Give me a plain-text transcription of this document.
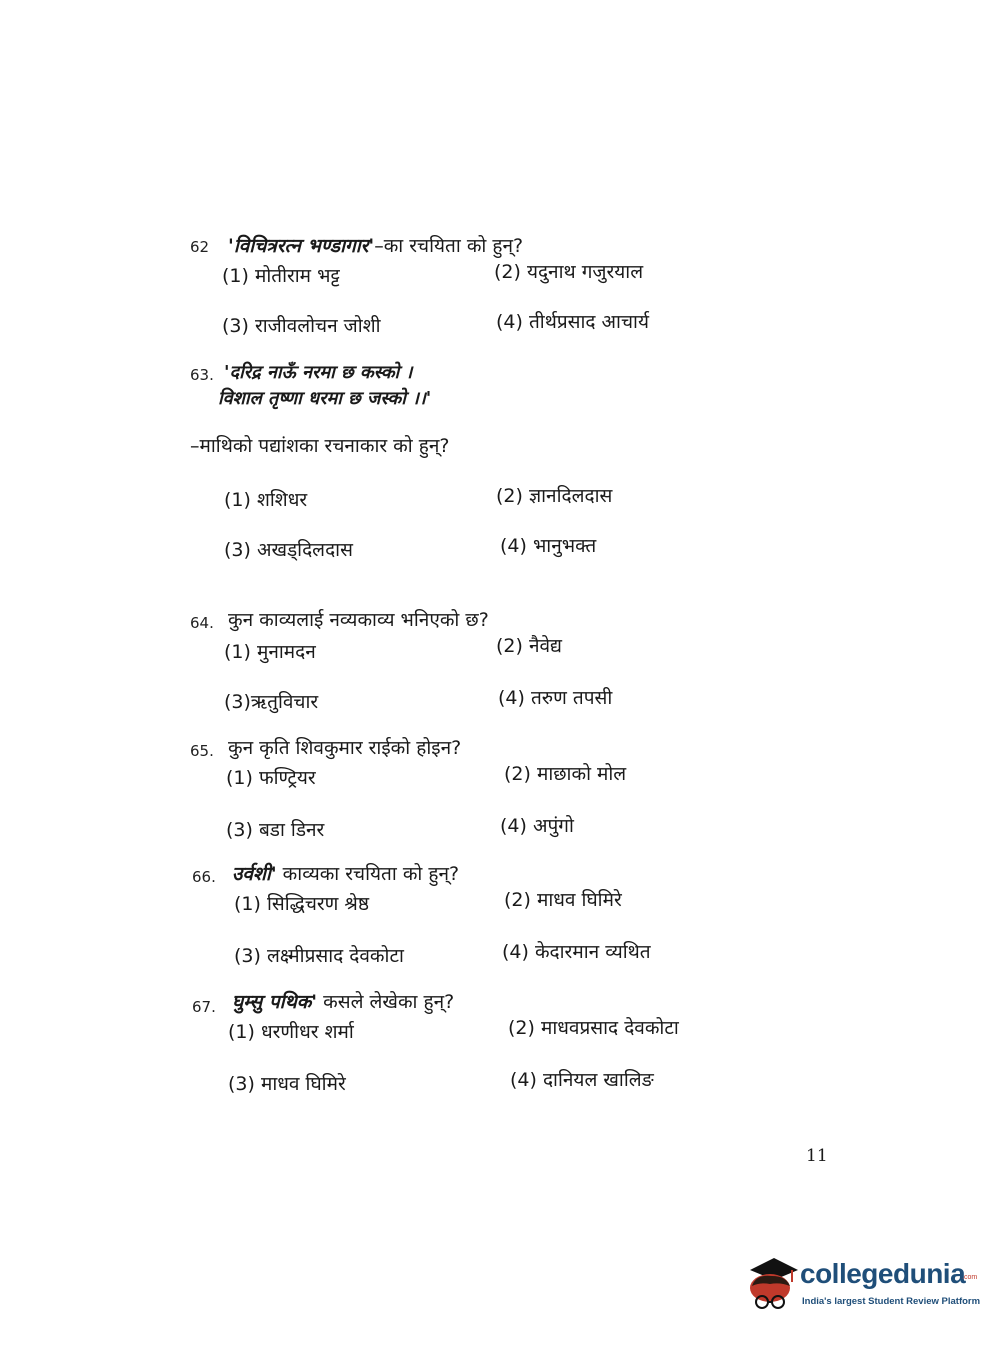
62 'विचित्ररत्न भण्डागार'–का रचयिता को हुन्?
(1) मोतीराम भट्ट	(2) यदुनाथ गजुरयाल
(3) राजीवलोचन जोशी	(4) तीर्थप्रसाद आचार्य
63. 'दरिद्र नाऊँ नरमा छ कस्को ।
विशाल तृष्णा धरमा छ जस्को ।।'
–माथिको पद्यांशका रचनाकार को हुन्?
(1) शशिधर	(2) ज्ञानदिलदास
(3) अखड्दिलदास	(4) भानुभक्त
64. कुन काव्यलाई नव्यकाव्य भनिएको छ?
(1) मुनामदन	(2) नैवेद्य
(3)ऋतुविचार	(4) तरुण तपसी
65. कुन कृति शिवकुमार राईको होइन?
(1) फण्ट्रियर	(2) माछाको मोल
(3) बडा डिनर	(4) अपुंगो
66. उर्वशी' काव्यका रचयिता को हुन्?
(1) सिद्धिचरण श्रेष्ठ	(2) माधव घिमिरे
(3) लक्ष्मीप्रसाद देवकोटा	(4) केदारमान व्यथित
67. घुम्सु पथिक' कसले लेखेका हुन्?
(1) धरणीधर शर्मा	(2) माधवप्रसाद देवकोटा
(3) माधव घिमिरे	(4) दानियल खालिङ
11
collegedunia
.com
India's largest Student Review Platform
